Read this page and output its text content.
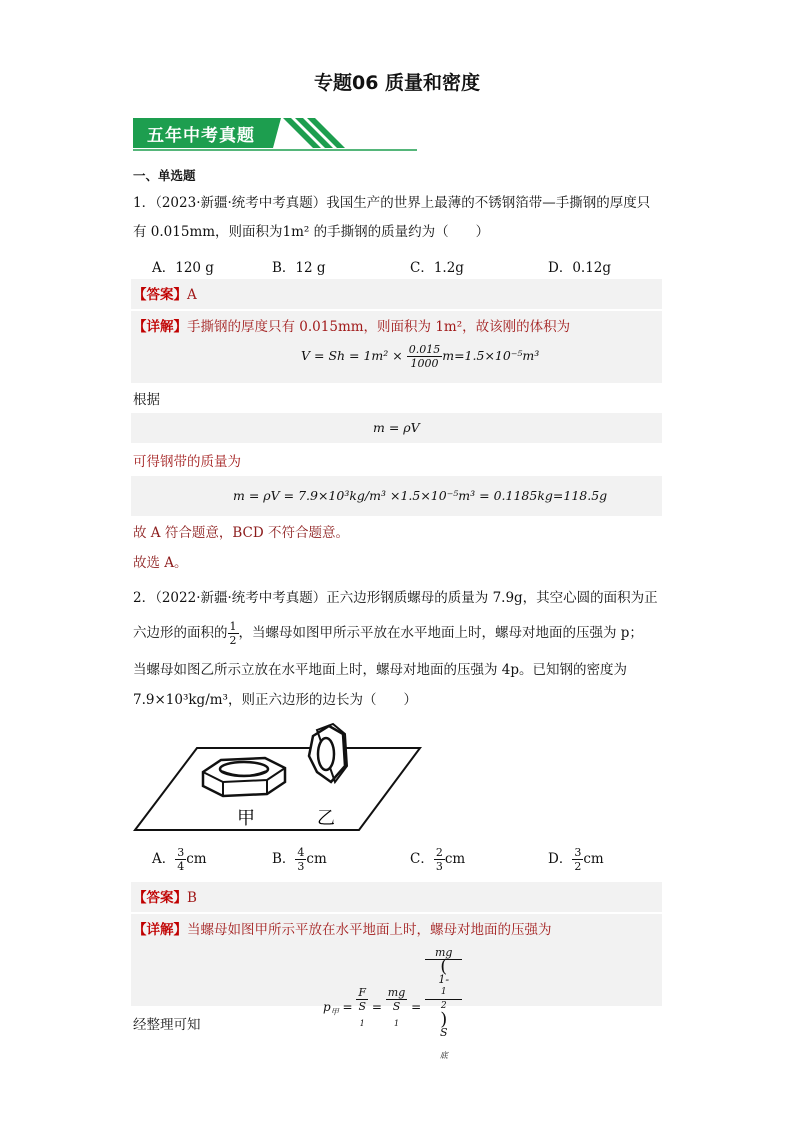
专题06 质量和密度
五年中考真题
一、单选题
1．（2023·新疆·统考中考真题）我国生产的世界上最薄的不锈钢箔带—手撕钢的厚度只
有 0.015mm，则面积为1m² 的手撕钢的质量约为（　　）
A．120 g	B．12 g	C．1.2g	D．0.12g
【答案】A
【详解】手撕钢的厚度只有 0.015mm，则面积为 1m²，故该刚的体积为
$V = Sh = 1m^2 \times \frac{0.015}{1000} m=1.5\times 10^{-5}m^3$
根据
m = ρV
可得钢带的质量为
m = ρV = 7.9×10³kg/m³ ×1.5×10⁻⁵m³ = 0.1185kg=118.5g
故 A 符合题意，BCD 不符合题意。
故选 A。
2．（2022·新疆·统考中考真题）正六边形钢质螺母的质量为 7.9g，其空心圆的面积为正
六边形的面积的 $\frac{1}{2}$ ，当螺母如图甲所示平放在水平地面上时，螺母对地面的压强为 p；
当螺母如图乙所示立放在水平地面上时，螺母对地面的压强为 4p。已知钢的密度为
7.9×10³kg/m³，则正六边形的边长为（　　）
甲	乙
A． $\frac{3}{4}$ cm	B． $\frac{4}{3}$ cm	C． $\frac{2}{3}$ cm	D． $\frac{3}{2}$ cm
【答案】B
【详解】当螺母如图甲所示平放在水平地面上时，螺母对地面的压强为
$p_甲 = F$
S
$_1$ = mg
S
$_1$ = mg
(
1-
1
2
)
S
$_底$
经整理可知
